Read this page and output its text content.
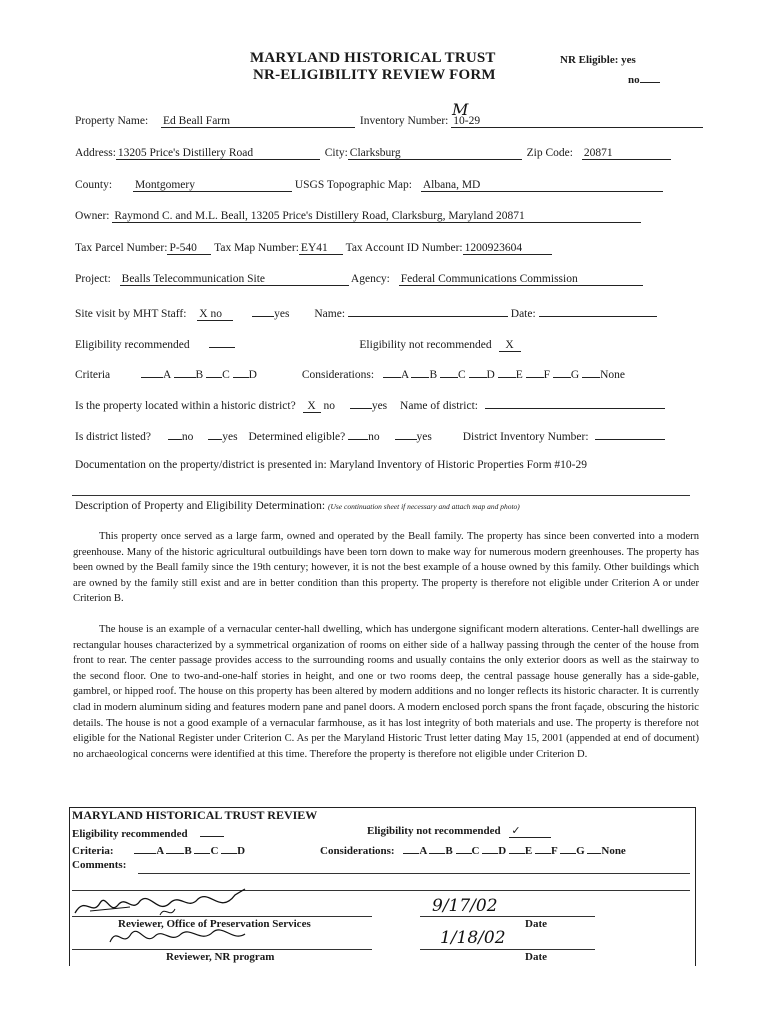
MARYLAND HISTORICAL TRUST
NR-ELIGIBILITY REVIEW FORM
NR Eligible: yes
no
M
Property Name: Ed Beall Farm	Inventory Number: 10-29
Address: 13205 Price's Distillery Road	City: Clarksburg	Zip Code: 20871
County: Montgomery	USGS Topographic Map: Albana, MD
Owner: Raymond C. and M.L. Beall, 13205 Price's Distillery Road, Clarksburg, Maryland 20871
Tax Parcel Number: P-540 Tax Map Number: EY41 Tax Account ID Number: 1200923604
Project: Bealls Telecommunication Site	Agency: Federal Communications Commission
Site visit by MHT Staff: X no	yes Name:	Date:
Eligibility recommended	Eligibility not recommended X
Criteria	A B C D	Considerations: A B C D E F G None
Is the property located within a historic district? X no	yes Name of district:
Is district listed?	no	yes Determined eligible? no	yes	District Inventory Number:
Documentation on the property/district is presented in: Maryland Inventory of Historic Properties Form #10-29
Description of Property and Eligibility Determination: (Use continuation sheet if necessary and attach map and photo)

This property once served as a large farm, owned and operated by the Beall family. The property has since been converted into a modern greenhouse. Many of the historic agricultural outbuildings have been torn down to make way for numerous modern greenhouses. The property has been owned by the Beall family since the 19th century; however, it is not the best example of a house owned by this family. Other buildings which are owned by the family still exist and are in better condition than this property. The property is therefore not eligible under Criterion A or under Criterion B.

The house is an example of a vernacular center-hall dwelling, which has undergone significant modern alterations. Center-hall dwellings are rectangular houses characterized by a symmetrical organization of rooms on either side of a hallway passing through the center of the house from front to rear. The center passage provides access to the surrounding rooms and usually contains the only exterior doors as well as the stairway to the second floor. One to two-and-one-half stories in height, and one or two rooms deep, the central passage house generally has a side-gable, gambrel, or hipped roof. The house on this property has been altered by modern additions and no longer reflects its historic character. It is currently clad in modern aluminum siding and features modern pane and panel doors. A modern enclosed porch spans the front façade, obscuring the historic details. The house is not a good example of a vernacular farmhouse, as it has lost integrity of both materials and use. The property is therefore not eligible for the National Register under Criterion C. As per the Maryland Historic Trust letter dating May 15, 2001 (appended at end of document) no archaeological concerns were identified at this time. Therefore the property is therefore not eligible under Criterion D.

MARYLAND HISTORICAL TRUST REVIEW
Eligibility recommended	Eligibility not recommended ✓
Criteria:	A B C D	Considerations: A B C D E F G None
Comments:
Reviewer, Office of Preservation Services	Date
Reviewer, NR program	Date
9/17/02
1/18/02
